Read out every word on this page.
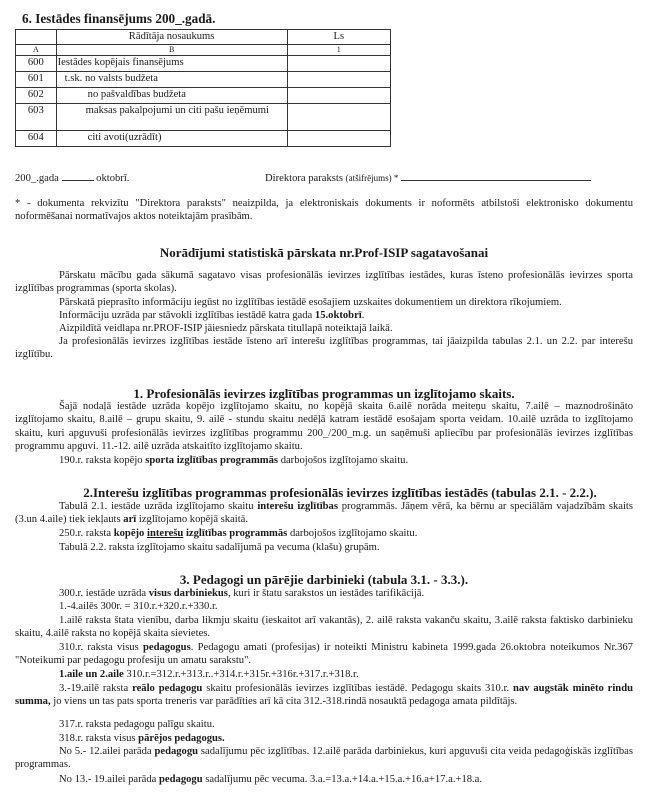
6. Iestādes finansējums 200_.gadā.
	Rādītāja nosaukums	Ls
A	B	1
600	Iestādes kopējais finansējums	
601	t.sk. no valsts budžeta	
602	no pašvaldības budžeta	
603	maksas pakalpojumi un citi pašu ieņēmumi	
604	citi avoti(uzrādīt)	
200_.gada	oktobrī.	Direktora paraksts (atšifrējums) *
* - dokumenta rekvizītu "Direktora paraksts" neaizpilda, ja elektroniskais dokuments ir noformēts atbilstoši elektronisko dokumentu noformēšanai normatīvajos aktos noteiktajām prasībām.
Norādījumi statistiskā pārskata nr.Prof-ISIP sagatavošanai
Pārskatu mācību gada sākumā sagatavo visas profesionālās ievirzes izglītības iestādes, kuras īsteno profesionālās ievirzes sporta izglītības programmas (sporta skolas).
Pārskatā pieprasīto informāciju iegūst no izglītības iestādē esošajiem uzskaites dokumentiem un direktora rīkojumiem.
Informāciju uzrāda par stāvokli izglītības iestādē katra gada 15.oktobrī.
Aizpildītā veidlapa nr.PROF-ISIP jāiesniedz pārskata titullapā noteiktajā laikā.
Ja profesionālās ievirzes izglītības iestāde īsteno arī interešu izglītības programmas, tai jāaizpilda tabulas 2.1. un 2.2. par interešu izglītību.
1. Profesionālās ievirzes izglītības programmas un izglītojamo skaits.
Šajā nodaļā iestāde uzrāda kopējo izglītojamo skaitu, no kopējā skaita 6.ailē norāda meiteņu skaitu, 7.ailē – maznodrošināto izglītojamo skaitu, 8.ailē – grupu skaitu, 9. ailē - stundu skaitu nedēļā katram iestādē esošajam sporta veidam. 10.ailē uzrāda to izglītojamo skaitu, kuri apguvuši profesionālās ievirzes izglītības programmu 200_/200_m.g. un saņēmuši apliecību par profesionālās ievirzes izglītības programmu apguvi. 11.-12. ailē uzrāda atskaitīto izglītojamo skaitu.
190.r. raksta kopējo sporta izglītības programmās darbojošos izglītojamo skaitu.
2.Interešu izglītības programmas profesionālās ievirzes izglītības iestādēs (tabulas 2.1. - 2.2.).
Tabulā 2.1. iestāde uzrāda izglītojamo skaitu interešu izglītības programmās. Jāņem vērā, ka bērnu ar speciālām vajadzībām skaits (3.un 4.aile) tiek iekļauts arī izglītojamo kopējā skaitā.
250.r. raksta kopējo interešu izglītības programmās darbojošos izglītojamo skaitu.
Tabulā 2.2. raksta izglītojamo skaitu sadalījumā pa vecuma (klašu) grupām.
3. Pedagogi un pārējie darbinieki (tabula 3.1. - 3.3.).
300.r. iestāde uzrāda visus darbiniekus, kuri ir štatu sarakstos un iestādes tarifikācijā.
1.-4.ailēs 300r. = 310.r.+320.r.+330.r.
1.ailē raksta štata vienību, darba likmju skaitu (ieskaitot arī vakantās), 2. ailē raksta vakanču skaitu, 3.ailē raksta faktisko darbinieku skaitu, 4.ailē raksta no kopējā skaita sievietes.
310.r. raksta visus pedagogus. Pedagogu amati (profesijas) ir noteikti Ministru kabineta 1999.gada 26.oktobra noteikumos Nr.367 "Noteikumi par pedagogu profesiju un amatu sarakstu".
1.aile un 2.aile 310.r.=312.r.+313.r..+314.r.+315r.+316r.+317.r.+318.r.
3.-19.ailē raksta reālo pedagogu skaitu profesionālās ievirzes izglītības iestādē. Pedagogu skaits 310.r. nav augstāk minēto rindu summa, jo viens un tas pats sporta treneris var parādīties arī kā cita 312.-318.rindā nosauktā pedagoga amata pildītājs.
317.r. raksta pedagogu palīgu skaitu.
318.r. raksta visus pārējos pedagogus.
No 5.- 12.ailei parāda pedagogu sadalījumu pēc izglītības. 12.ailē parāda darbiniekus, kuri apguvuši cita veida pedagoģiskās izglītības programmas.
No 13.- 19.ailei parāda pedagogu sadalījumu pēc vecuma. 3.a.=13.a.+14.a.+15.a.+16.a+17.a.+18.a.
